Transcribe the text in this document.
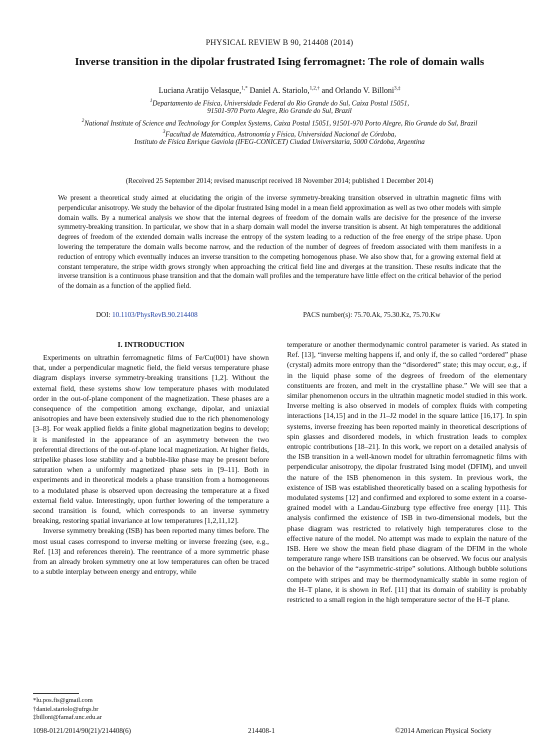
PHYSICAL REVIEW B 90, 214408 (2014)
Inverse transition in the dipolar frustrated Ising ferromagnet: The role of domain walls
Luciana Aratijo Velasque,$^{1,*}$ Daniel A. Stariolo,$^{1,2,\dagger}$ and Orlando V. Billoni$^{3,\ddagger}$
$^1$Departamento de Física, Universidade Federal do Rio Grande do Sul, Caixa Postal 15051,
91501-970 Porto Alegre, Rio Grande do Sul, Brazil
$^2$National Institute of Science and Technology for Complex Systems, Caixa Postal 15051, 91501-970 Porto Alegre, Rio Grande do Sul, Brazil
$^3$Facultad de Matemática, Astronomía y Física, Universidad Nacional de Córdoba,
Instituto de Física Enrique Gaviola (IFEG-CONICET) Ciudad Universitaria, 5000 Córdoba, Argentina
(Received 25 September 2014; revised manuscript received 18 November 2014; published 1 December 2014)
We present a theoretical study aimed at elucidating the origin of the inverse symmetry-breaking transition observed in ultrathin magnetic films with perpendicular anisotropy. We study the behavior of the dipolar frustrated Ising model in a mean field approximation as well as two other models with simple domain walls. By a numerical analysis we show that the internal degrees of freedom of the domain walls are decisive for the presence of the inverse symmetry-breaking transition. In particular, we show that in a sharp domain wall model the inverse transition is absent. At high temperatures the additional degrees of freedom of the extended domain walls increase the entropy of the system leading to a reduction of the free energy of the stripe phase. Upon lowering the temperature the domain walls become narrow, and the reduction of the number of degrees of freedom associated with them manifests in a reduction of entropy which eventually induces an inverse transition to the competing homogenous phase. We also show that, for a growing external field at constant temperature, the stripe width grows strongly when approaching the critical field line and diverges at the transition. These results indicate that the inverse transition is a continuous phase transition and that the domain wall profiles and the temperature have little effect on the critical behavior of the period of the domain as a function of the applied field.
DOI: 10.1103/PhysRevB.90.214408	PACS number(s): 75.70.Ak, 75.30.Kz, 75.70.Kw
I. INTRODUCTION

Experiments on ultrathin ferromagnetic films of Fe/Cu(001) have shown that, under a perpendicular magnetic field, the field versus temperature phase diagram displays inverse symmetry-breaking transitions [1,2]. Without the external field, these systems show low temperature phases with modulated order in the out-of-plane component of the magnetization. These phases are a consequence of the competition among exchange, dipolar, and uniaxial anisotropies and have been extensively studied due to the rich phenomenology [3–8]. For weak applied fields a finite global magnetization begins to develop; it is manifested in the appearance of an asymmetry between the two preferential directions of the out-of-plane local magnetization. At higher fields, stripelike phases lose stability and a bubble-like phase may be present before saturation when a uniformly magnetized phase sets in [9–11]. Both in experiments and in theoretical models a phase transition from a homogeneous to a modulated phase is observed upon decreasing the temperature at a fixed external field value. Interestingly, upon further lowering of the temperature a second transition is found, which corresponds to an inverse symmetry breaking, restoring spatial invariance at low temperatures [1,2,11,12].

Inverse symmetry breaking (ISB) has been reported many times before. The most usual cases correspond to inverse melting or inverse freezing (see, e.g., Ref. [13] and references therein). The reentrance of a more symmetric phase from an already broken symmetry one at low temperatures can often be traced to a subtle interplay between energy and entropy, while

temperature or another thermodynamic control parameter is varied. As stated in Ref. [13], “inverse melting happens if, and only if, the so called “ordered” phase (crystal) admits more entropy than the “disordered” state; this may occur, e.g., if in the liquid phase some of the degrees of freedom of the elementary constituents are frozen, and melt in the crystalline phase.” We will see that a similar phenomenon occurs in the ultrathin magnetic model studied in this work. Inverse melting is also observed in models of complex fluids with competing interactions [14,15] and in the J1–J2 model in the square lattice [16,17]. In spin systems, inverse freezing has been reported mainly in theoretical descriptions of spin glasses and disordered models, in which frustration leads to complex entropic contributions [18–21]. In this work, we report on a detailed analysis of the ISB transition in a well-known model for ultrathin ferromagnetic films with perpendicular anisotropy, the dipolar frustrated Ising model (DFIM), and unveil the nature of the ISB phenomenon in this system. In previous work, the existence of ISB was established theoretically based on a scaling hypothesis for modulated systems [12] and confirmed and explored to some extent in a coarse-grained model with a Landau-Ginzburg type effective free energy [11]. This analysis confirmed the existence of ISB in two-dimensional models, but the phase diagram was restricted to relatively high temperatures close to the effective nature of the model. No attempt was made to explain the nature of the ISB. Here we show the mean field phase diagram of the DFIM in the whole temperature range where ISB transitions can be observed. We focus our analysis on the behavior of the “asymmetric-stripe” solutions. Although bubble solutions compete with stripes and may be thermodynamically stable in some region of the H–T plane, it is shown in Ref. [11] that its domain of stability is probably restricted to a small region in the high temperature sector of the H–T plane.

*lu.pos.fis@gmail.com
†daniel.stariolo@ufrgs.br
‡billoni@famaf.unc.edu.ar
1098-0121/2014/90(21)/214408(6)	214408-1	©2014 American Physical Society
